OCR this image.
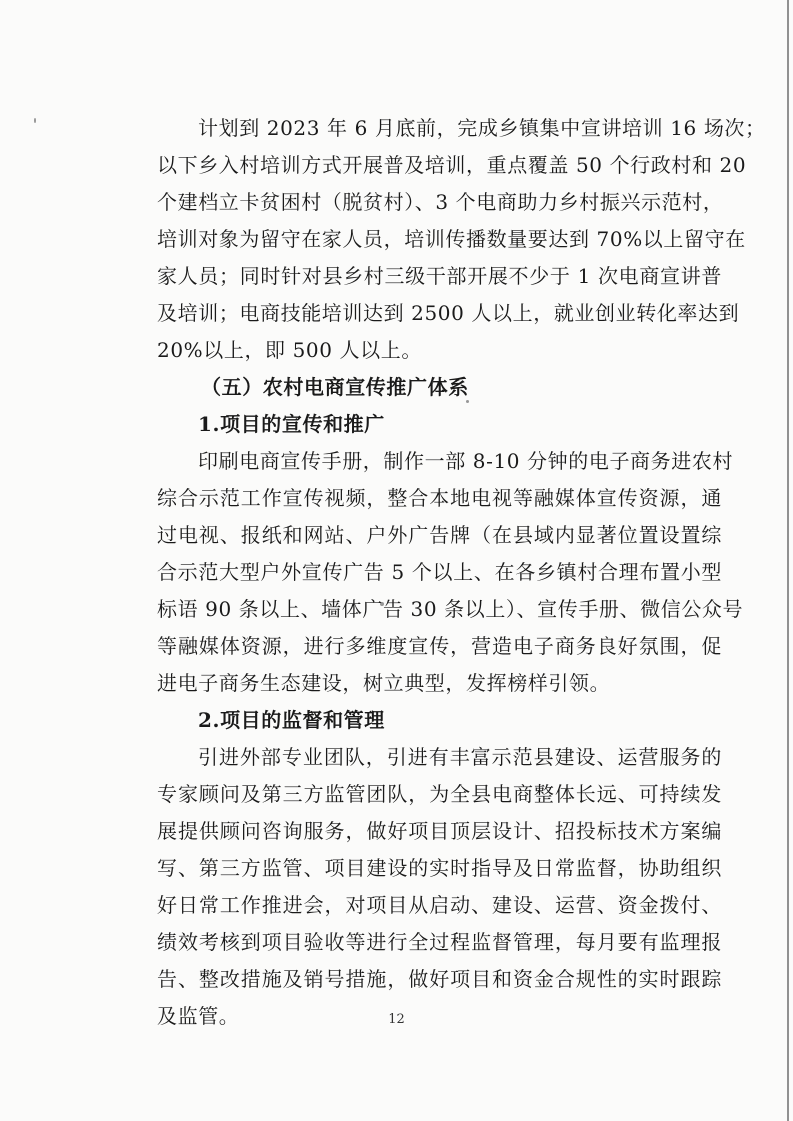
计划到 2023 年 6 月底前，完成乡镇集中宣讲培训 16 场次；
以下乡入村培训方式开展普及培训，重点覆盖 50 个行政村和 20
个建档立卡贫困村（脱贫村）、3 个电商助力乡村振兴示范村，
培训对象为留守在家人员，培训传播数量要达到 70%以上留守在
家人员；同时针对县乡村三级干部开展不少于 1 次电商宣讲普
及培训；电商技能培训达到 2500 人以上，就业创业转化率达到
20%以上，即 500 人以上。
（五）农村电商宣传推广体系
1.项目的宣传和推广
印刷电商宣传手册，制作一部 8-10 分钟的电子商务进农村
综合示范工作宣传视频，整合本地电视等融媒体宣传资源，通
过电视、报纸和网站、户外广告牌（在县域内显著位置设置综
合示范大型户外宣传广告 5 个以上、在各乡镇村合理布置小型
标语 90 条以上、墙体广告 30 条以上）、宣传手册、微信公众号
等融媒体资源，进行多维度宣传，营造电子商务良好氛围，促
进电子商务生态建设，树立典型，发挥榜样引领。
2.项目的监督和管理
引进外部专业团队，引进有丰富示范县建设、运营服务的
专家顾问及第三方监管团队，为全县电商整体长远、可持续发
展提供顾问咨询服务，做好项目顶层设计、招投标技术方案编
写、第三方监管、项目建设的实时指导及日常监督，协助组织
好日常工作推进会，对项目从启动、建设、运营、资金拨付、
绩效考核到项目验收等进行全过程监督管理，每月要有监理报
告、整改措施及销号措施，做好项目和资金合规性的实时跟踪
及监管。	12
